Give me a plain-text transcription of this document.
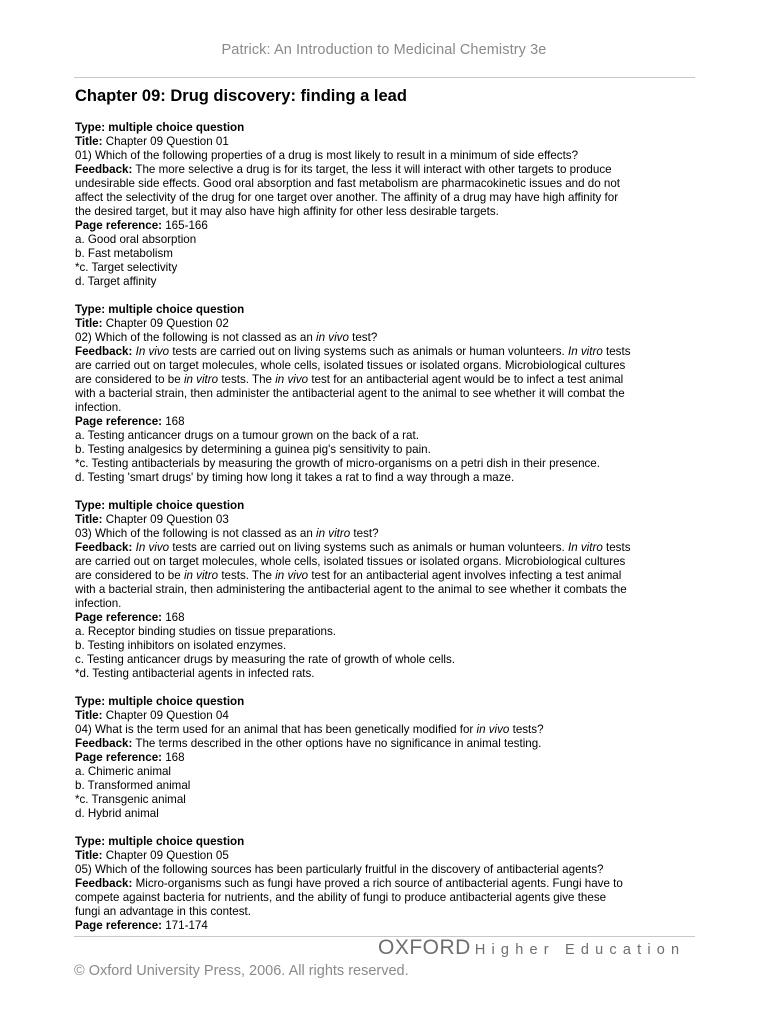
Patrick: An Introduction to Medicinal Chemistry 3e
Chapter 09: Drug discovery: finding a lead
Type: multiple choice question
Title: Chapter 09 Question 01
01) Which of the following properties of a drug is most likely to result in a minimum of side effects?
Feedback: The more selective a drug is for its target, the less it will interact with other targets to produce
undesirable side effects. Good oral absorption and fast metabolism are pharmacokinetic issues and do not
affect the selectivity of the drug for one target over another. The affinity of a drug may have high affinity for
the desired target, but it may also have high affinity for other less desirable targets.
Page reference: 165-166
a. Good oral absorption
b. Fast metabolism
*c. Target selectivity
d. Target affinity
Type: multiple choice question
Title: Chapter 09 Question 02
02) Which of the following is not classed as an in vivo test?
Feedback: In vivo tests are carried out on living systems such as animals or human volunteers. In vitro tests
are carried out on target molecules, whole cells, isolated tissues or isolated organs. Microbiological cultures
are considered to be in vitro tests. The in vivo test for an antibacterial agent would be to infect a test animal
with a bacterial strain, then administer the antibacterial agent to the animal to see whether it will combat the
infection.
Page reference: 168
a. Testing anticancer drugs on a tumour grown on the back of a rat.
b. Testing analgesics by determining a guinea pig's sensitivity to pain.
*c. Testing antibacterials by measuring the growth of micro-organisms on a petri dish in their presence.
d. Testing 'smart drugs' by timing how long it takes a rat to find a way through a maze.
Type: multiple choice question
Title: Chapter 09 Question 03
03) Which of the following is not classed as an in vitro test?
Feedback: In vivo tests are carried out on living systems such as animals or human volunteers. In vitro tests
are carried out on target molecules, whole cells, isolated tissues or isolated organs. Microbiological cultures
are considered to be in vitro tests. The in vivo test for an antibacterial agent involves infecting a test animal
with a bacterial strain, then administering the antibacterial agent to the animal to see whether it combats the
infection.
Page reference: 168
a. Receptor binding studies on tissue preparations.
b. Testing inhibitors on isolated enzymes.
c. Testing anticancer drugs by measuring the rate of growth of whole cells.
*d. Testing antibacterial agents in infected rats.
Type: multiple choice question
Title: Chapter 09 Question 04
04) What is the term used for an animal that has been genetically modified for in vivo tests?
Feedback: The terms described in the other options have no significance in animal testing.
Page reference: 168
a. Chimeric animal
b. Transformed animal
*c. Transgenic animal
d. Hybrid animal
Type: multiple choice question
Title: Chapter 09 Question 05
05) Which of the following sources has been particularly fruitful in the discovery of antibacterial agents?
Feedback: Micro-organisms such as fungi have proved a rich source of antibacterial agents. Fungi have to
compete against bacteria for nutrients, and the ability of fungi to produce antibacterial agents give these
fungi an advantage in this contest.
Page reference: 171-174
OXFORD Higher Education
© Oxford University Press, 2006. All rights reserved.
